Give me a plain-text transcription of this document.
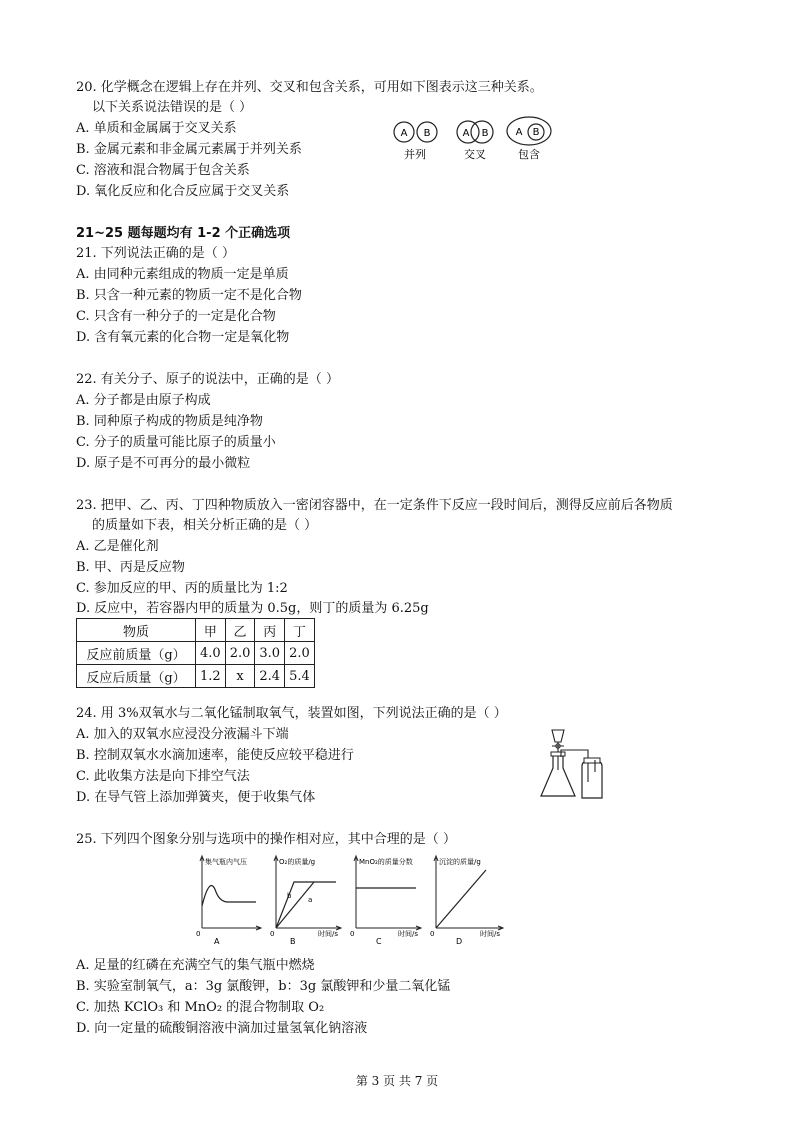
20. 化学概念在逻辑上存在并列、交叉和包含关系，可用如下图表示这三种关系。
以下关系说法错误的是（ ）
A. 单质和金属属于交叉关系
B. 金属元素和非金属元素属于并列关系
C. 溶液和混合物属于包含关系
D. 氧化反应和化合反应属于交叉关系
A B
并列
A B
交叉
A B
包含
21~25 题每题均有 1-2 个正确选项
21. 下列说法正确的是（ ）
A. 由同种元素组成的物质一定是单质
B. 只含一种元素的物质一定不是化合物
C. 只含有一种分子的一定是化合物
D. 含有氧元素的化合物一定是氧化物
22. 有关分子、原子的说法中，正确的是（ ）
A. 分子都是由原子构成
B. 同种原子构成的物质是纯净物
C. 分子的质量可能比原子的质量小
D. 原子是不可再分的最小微粒
23. 把甲、乙、丙、丁四种物质放入一密闭容器中，在一定条件下反应一段时间后，测得反应前后各物质
的质量如下表，相关分析正确的是（ ）
A. 乙是催化剂
B. 甲、丙是反应物
C. 参加反应的甲、丙的质量比为 1:2
D. 反应中，若容器内甲的质量为 0.5g，则丁的质量为 6.25g
物质	甲	乙	丙	丁
反应前质量（g）	4.0	2.0	3.0	2.0
反应后质量（g）	1.2	x	2.4	5.4
24. 用 3%双氧水与二氧化锰制取氧气，装置如图，下列说法正确的是（ ）
A. 加入的双氧水应浸没分液漏斗下端
B. 控制双氧水水滴加速率，能使反应较平稳进行
C. 此收集方法是向下排空气法
D. 在导气管上添加弹簧夹，便于收集气体
25. 下列四个图象分别与选项中的操作相对应，其中合理的是（ ）
集气瓶内气压
0
A
O₂的质量/g
b a
0	时间/s
B
MnO₂的质量分数
0	时间/s
C
沉淀的质量/g
0	时间/s
D
A. 足量的红磷在充满空气的集气瓶中燃烧
B. 实验室制氧气，a：3g 氯酸钾，b：3g 氯酸钾和少量二氧化锰
C. 加热 KClO₃ 和 MnO₂ 的混合物制取 O₂
D. 向一定量的硫酸铜溶液中滴加过量氢氧化钠溶液
第 3 页 共 7 页
